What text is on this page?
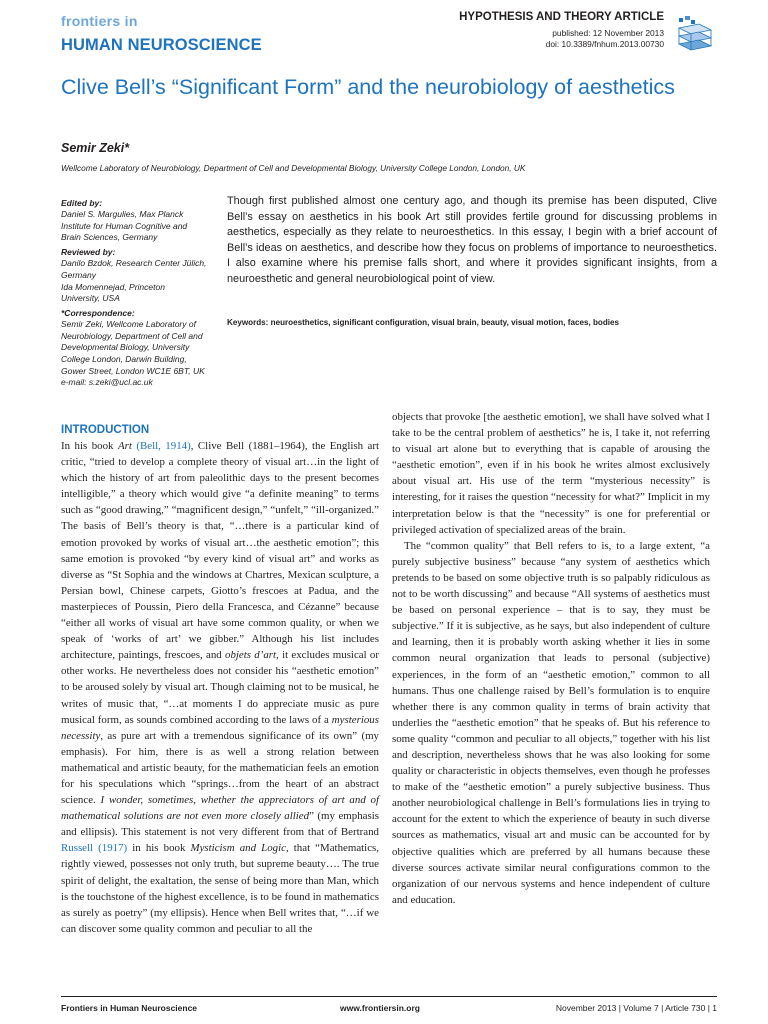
frontiers in
HUMAN NEUROSCIENCE
HYPOTHESIS AND THEORY ARTICLE
published: 12 November 2013
doi: 10.3389/fnhum.2013.00730
Clive Bell’s “Significant Form” and the neurobiology of aesthetics
Semir Zeki*
Wellcome Laboratory of Neurobiology, Department of Cell and Developmental Biology, University College London, London, UK
Edited by:
Daniel S. Margulies, Max Planck
Institute for Human Cognitive and
Brain Sciences, Germany
Reviewed by:
Danilo Bzdok, Research Center Jülich,
Germany
Ida Momennejad, Princeton
University, USA
*Correspondence:
Semir Zeki, Wellcome Laboratory of
Neurobiology, Department of Cell and
Developmental Biology, University
College London, Darwin Building,
Gower Street, London WC1E 6BT, UK
e-mail: s.zeki@ucl.ac.uk
Though first published almost one century ago, and though its premise has been disputed, Clive Bell’s essay on aesthetics in his book Art still provides fertile ground for discussing problems in aesthetics, especially as they relate to neuroesthetics. In this essay, I begin with a brief account of Bell’s ideas on aesthetics, and describe how they focus on problems of importance to neuroesthetics. I also examine where his premise falls short, and where it provides significant insights, from a neuroesthetic and general neurobiological point of view.
Keywords: neuroesthetics, significant configuration, visual brain, beauty, visual motion, faces, bodies
INTRODUCTION

In his book Art (Bell, 1914), Clive Bell (1881–1964), the English art critic, “tried to develop a complete theory of visual art…in the light of which the history of art from paleolithic days to the present becomes intelligible,” a theory which would give “a definite meaning” to terms such as “good drawing,” “magnificent design,” “unfelt,” “ill-organized.” The basis of Bell’s theory is that, “…there is a particular kind of emotion provoked by works of visual art…the aesthetic emotion”; this same emotion is provoked “by every kind of visual art” and works as diverse as “St Sophia and the windows at Chartres, Mexican sculpture, a Persian bowl, Chinese carpets, Giotto’s frescoes at Padua, and the masterpieces of Poussin, Piero della Francesca, and Cézanne” because “either all works of visual art have some common quality, or when we speak of ‘works of art’ we gibber.” Although his list includes architecture, paintings, frescoes, and objets d’art, it excludes musical or other works. He nevertheless does not consider his “aesthetic emotion” to be aroused solely by visual art. Though claiming not to be musical, he writes of music that, “…at moments I do appreciate music as pure musical form, as sounds combined according to the laws of a mysterious necessity, as pure art with a tremendous significance of its own” (my emphasis). For him, there is as well a strong relation between mathematical and artistic beauty, for the mathematician feels an emotion for his speculations which “springs…from the heart of an abstract science. I wonder, sometimes, whether the appreciators of art and of mathematical solutions are not even more closely allied” (my emphasis and ellipsis). This statement is not very different from that of Bertrand Russell (1917) in his book Mysticism and Logic, that “Mathematics, rightly viewed, possesses not only truth, but supreme beauty…. The true spirit of delight, the exaltation, the sense of being more than Man, which is the touchstone of the highest excellence, is to be found in mathematics as surely as poetry” (my ellipsis). Hence when Bell writes that, “…if we can discover some quality common and peculiar to all the

objects that provoke [the aesthetic emotion], we shall have solved what I take to be the central problem of aesthetics” he is, I take it, not referring to visual art alone but to everything that is capable of arousing the “aesthetic emotion”, even if in his book he writes almost exclusively about visual art. His use of the term “mysterious necessity” is interesting, for it raises the question “necessity for what?” Implicit in my interpretation below is that the “necessity” is one for preferential or privileged activation of specialized areas of the brain.

The “common quality” that Bell refers to is, to a large extent, “a purely subjective business” because “any system of aesthetics which pretends to be based on some objective truth is so palpably ridiculous as not to be worth discussing” and because “All systems of aesthetics must be based on personal experience – that is to say, they must be subjective.” If it is subjective, as he says, but also independent of culture and learning, then it is probably worth asking whether it lies in some common neural organization that leads to personal (subjective) experiences, in the form of an “aesthetic emotion,” common to all humans. Thus one challenge raised by Bell’s formulation is to enquire whether there is any common quality in terms of brain activity that underlies the “aesthetic emotion” that he speaks of. But his reference to some quality “common and peculiar to all objects,” together with his list and description, nevertheless shows that he was also looking for some quality or characteristic in objects themselves, even though he professes to make of the “aesthetic emotion” a purely subjective business. Thus another neurobiological challenge in Bell’s formulations lies in trying to account for the extent to which the experience of beauty in such diverse sources as mathematics, visual art and music can be accounted for by objective qualities which are preferred by all humans because these diverse sources activate similar neural configurations common to the organization of our nervous systems and hence independent of culture and education.

Frontiers in Human Neuroscience	www.frontiersin.org	November 2013 | Volume 7 | Article 730 | 1
